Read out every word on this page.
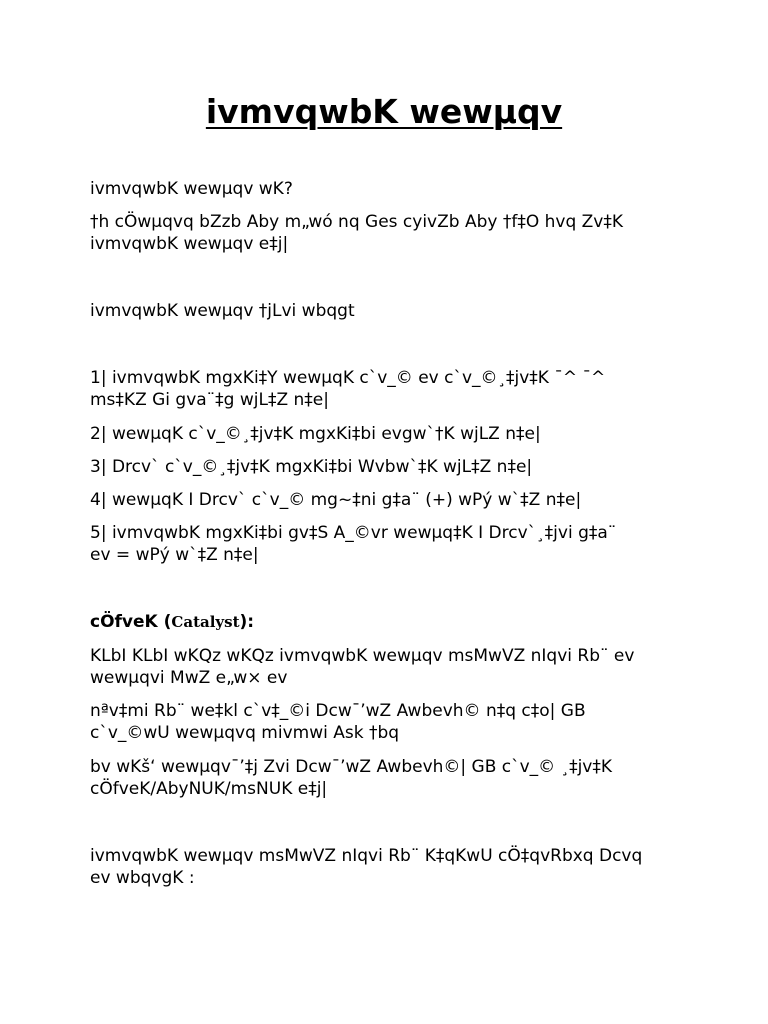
ivmvqwbK wewµqv

ivmvqwbK wewµqv wK?

†h cÖwµqvq bZzb Aby m„wó nq Ges cyivZb Aby †f‡O hvq Zv‡K
ivmvqwbK wewµqv e‡j|

ivmvqwbK wewµqv †jLvi wbqgt

1| ivmvqwbK mgxKi‡Y wewµqK c`v_© ev c`v_©¸‡jv‡K ¯^ ¯^
ms‡KZ Gi gva¨‡g wjL‡Z n‡e|

2| wewµqK c`v_©¸‡jv‡K mgxKi‡bi evgw`†K wjLZ n‡e|

3| Drcv` c`v_©¸‡jv‡K mgxKi‡bi Wvbw`‡K wjL‡Z n‡e|

4| wewµqK I Drcv` c`v_© mg~‡ni g‡a¨ (+) wPý w`‡Z n‡e|

5| ivmvqwbK mgxKi‡bi gv‡S A_©vr wewµq‡K I Drcv`¸‡jvi g‡a¨
ev = wPý w`‡Z n‡e|

cÖfveK (Catalyst):

KLbI KLbI wKQz wKQz ivmvqwbK wewµqv msMwVZ nIqvi Rb¨ ev
wewµqvi MwZ e„w× ev

nªv‡mi Rb¨ we‡kl c`v‡_©i Dcw¯’wZ Awbevh© n‡q c‡o| GB
c`v_©wU wewµqvq mivmwi Ask †bq

bv wKš‘ wewµqv¯’‡j Zvi Dcw¯’wZ Awbevh©| GB c`v_© ¸‡jv‡K
cÖfveK/AbyNUK/msNUK e‡j|

ivmvqwbK wewµqv msMwVZ nIqvi Rb¨ K‡qKwU cÖ‡qvRbxq Dcvq
ev wbqvgK :
